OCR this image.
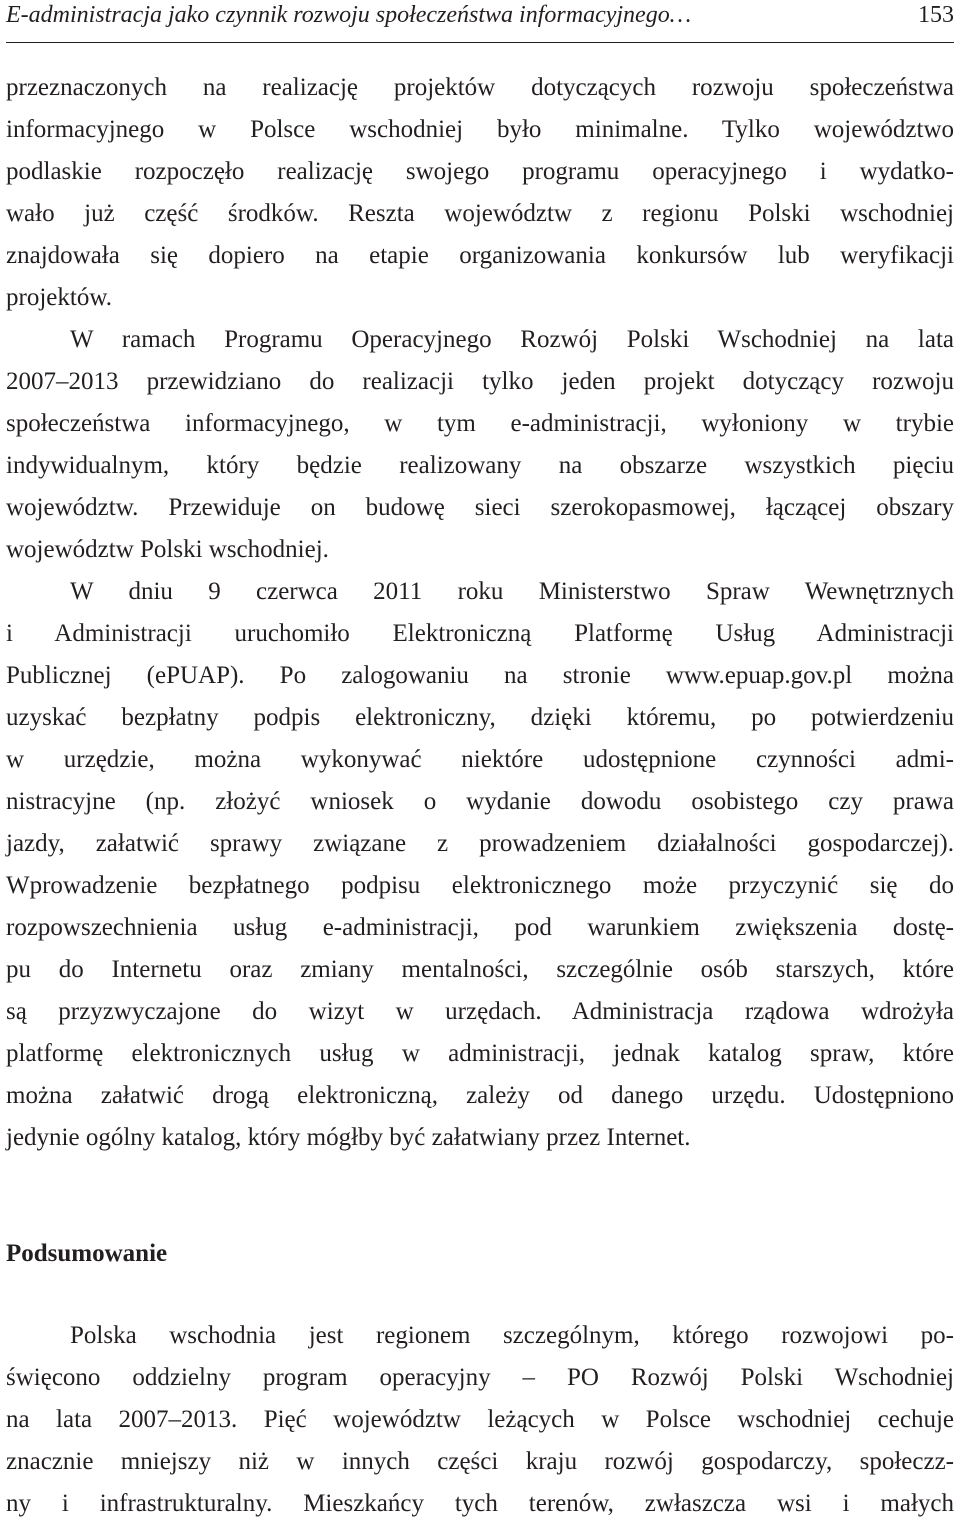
E-administracja jako czynnik rozwoju społeczeństwa informacyjnego…	153
przeznaczonych na realizację projektów dotyczących rozwoju społeczeństwa
informacyjnego w Polsce wschodniej było minimalne. Tylko województwo
podlaskie rozpoczęło realizację swojego programu operacyjnego i wydatko-
wało już część środków. Reszta województw z regionu Polski wschodniej
znajdowała się dopiero na etapie organizowania konkursów lub weryfikacji
projektów.
W ramach Programu Operacyjnego Rozwój Polski Wschodniej na lata
2007–2013 przewidziano do realizacji tylko jeden projekt dotyczący rozwoju
społeczeństwa informacyjnego, w tym e-administracji, wyłoniony w trybie
indywidualnym, który będzie realizowany na obszarze wszystkich pięciu
województw. Przewiduje on budowę sieci szerokopasmowej, łączącej obszary
województw Polski wschodniej.
W dniu 9 czerwca 2011 roku Ministerstwo Spraw Wewnętrznych
i Administracji uruchomiło Elektroniczną Platformę Usług Administracji
Publicznej (ePUAP). Po zalogowaniu na stronie www.epuap.gov.pl można
uzyskać bezpłatny podpis elektroniczny, dzięki któremu, po potwierdzeniu
w urzędzie, można wykonywać niektóre udostępnione czynności admi-
nistracyjne (np. złożyć wniosek o wydanie dowodu osobistego czy prawa
jazdy, załatwić sprawy związane z prowadzeniem działalności gospodarczej).
Wprowadzenie bezpłatnego podpisu elektronicznego może przyczynić się do
rozpowszechnienia usług e-administracji, pod warunkiem zwiększenia dostę-
pu do Internetu oraz zmiany mentalności, szczególnie osób starszych, które
są przyzwyczajone do wizyt w urzędach. Administracja rządowa wdrożyła
platformę elektronicznych usług w administracji, jednak katalog spraw, które
można załatwić drogą elektroniczną, zależy od danego urzędu. Udostępniono
jedynie ogólny katalog, który mógłby być załatwiany przez Internet.
Podsumowanie
Polska wschodnia jest regionem szczególnym, którego rozwojowi po-
święcono oddzielny program operacyjny – PO Rozwój Polski Wschodniej
na lata 2007–2013. Pięć województw leżących w Polsce wschodniej cechuje
znacznie mniejszy niż w innych części kraju rozwój gospodarczy, społeczz-
ny i infrastrukturalny. Mieszkańcy tych terenów, zwłaszcza wsi i małych
